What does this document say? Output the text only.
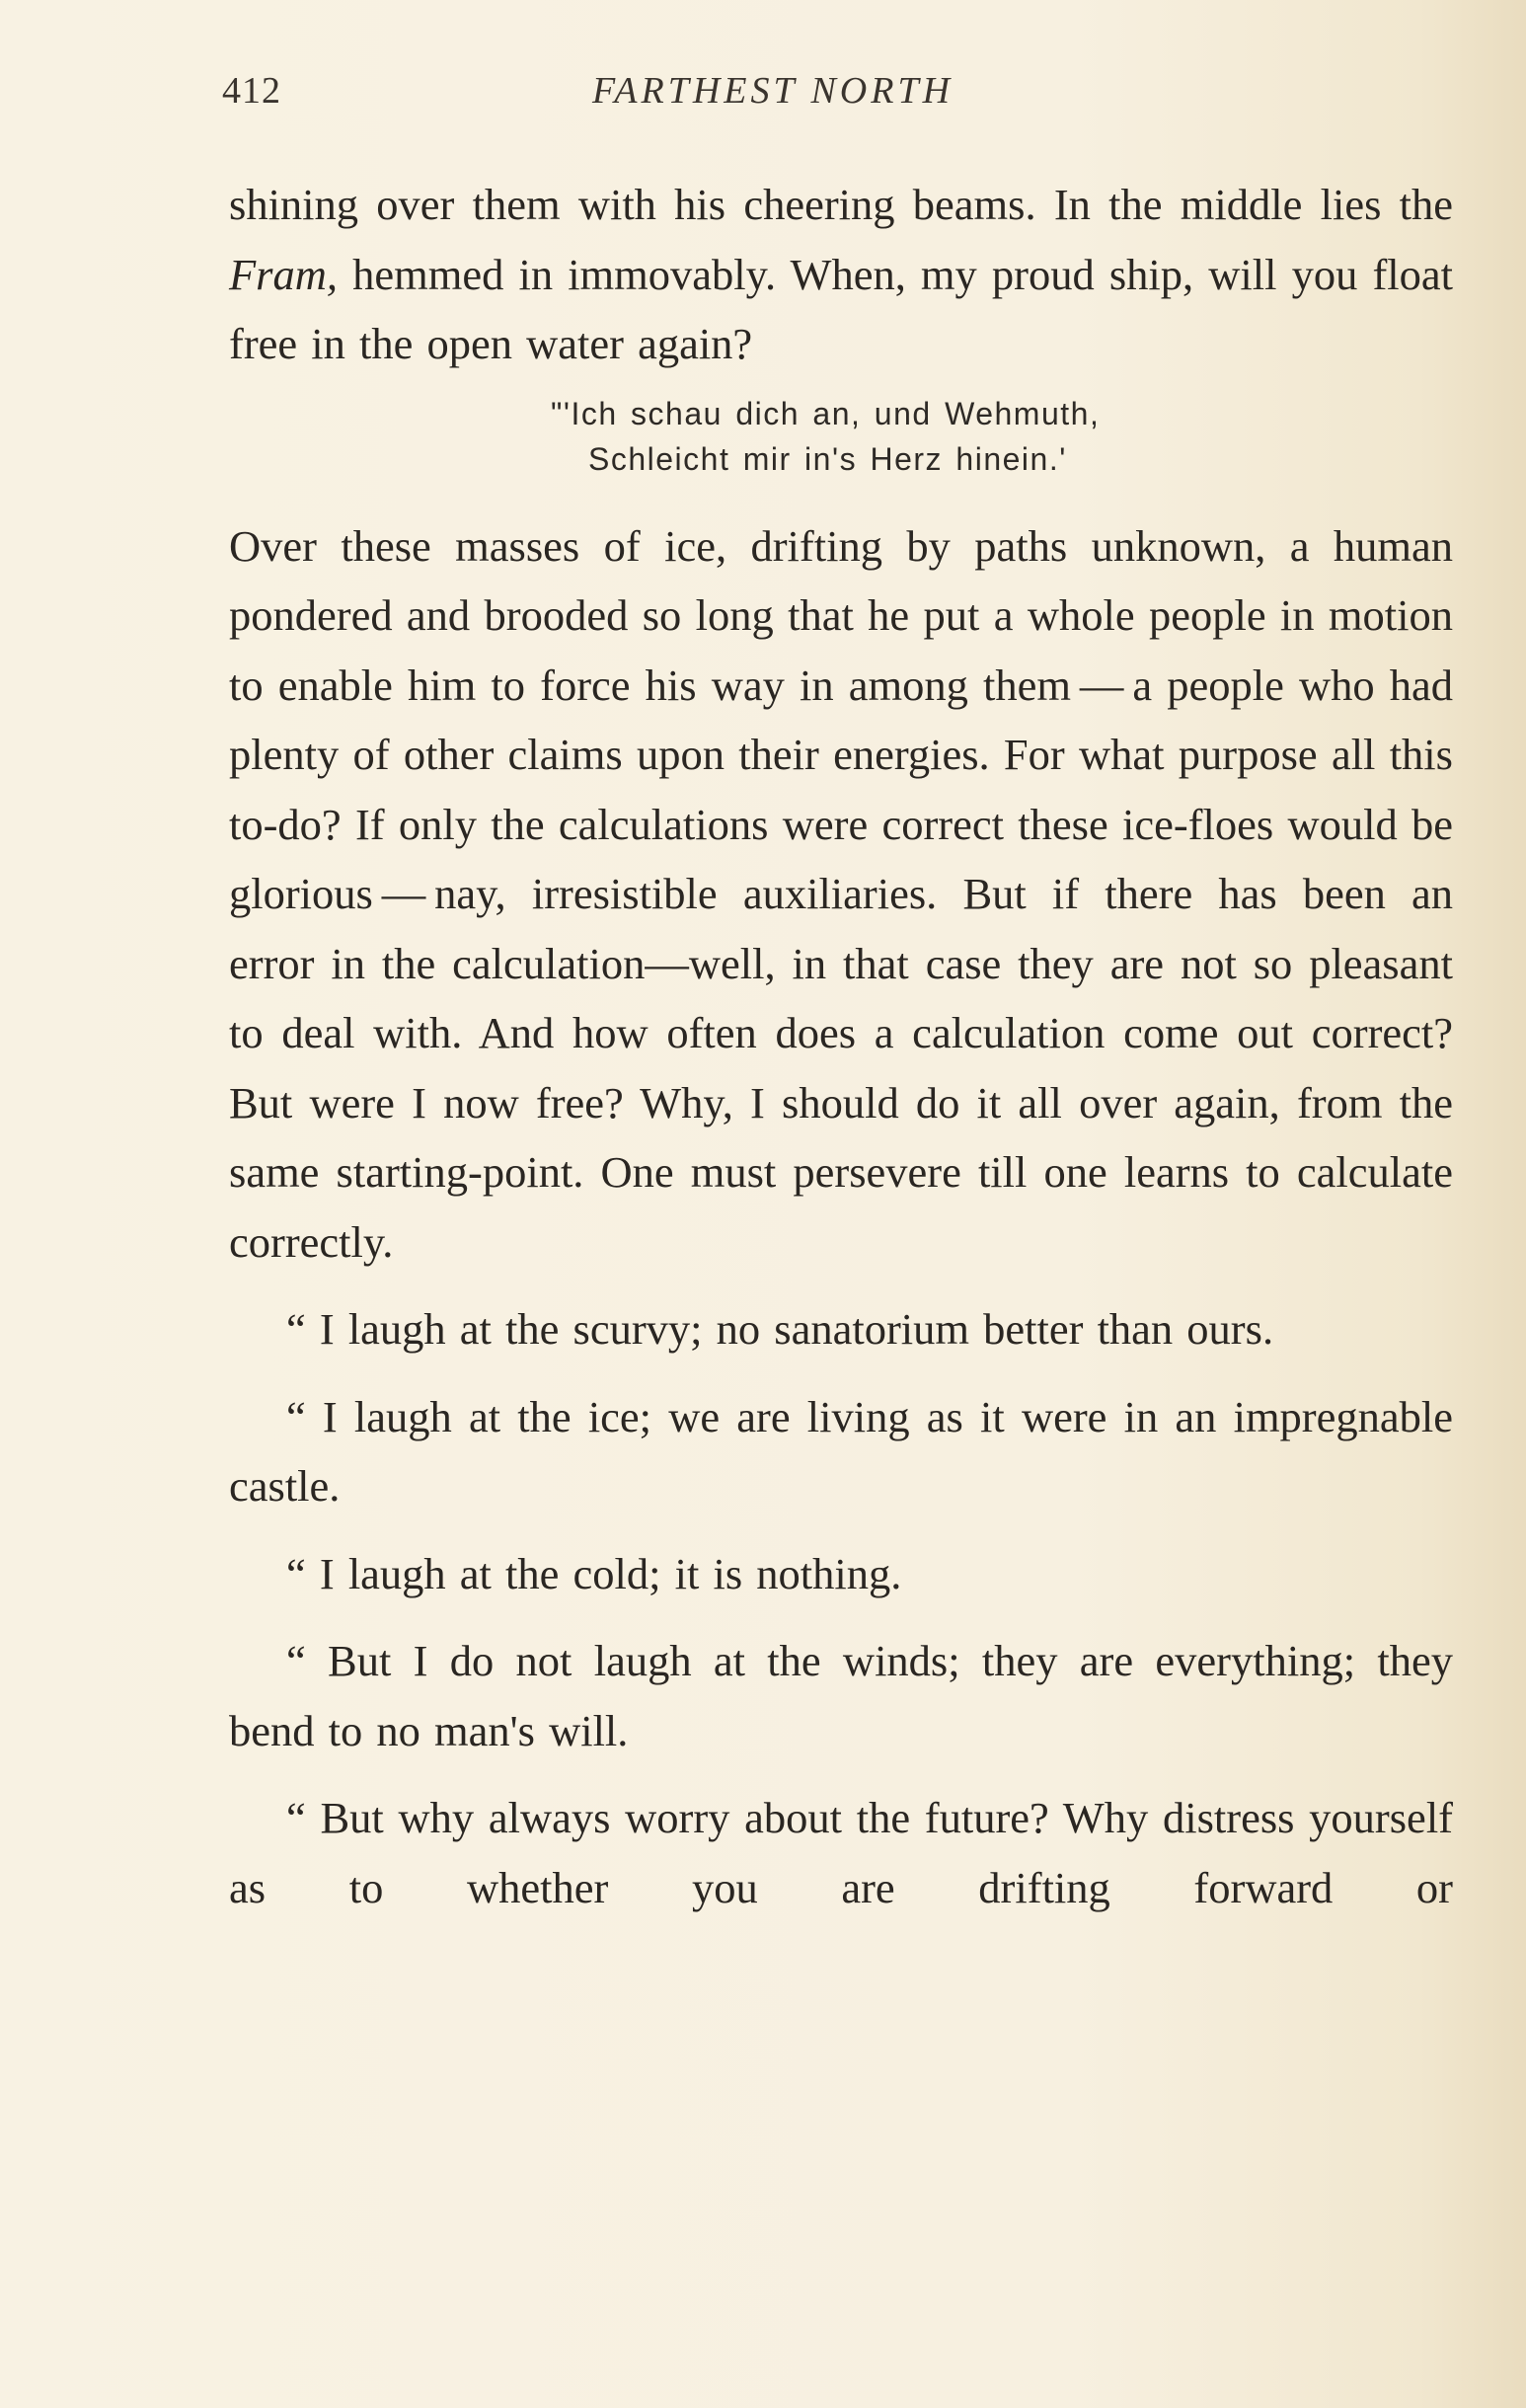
412	FARTHEST NORTH

shining over them with his cheering beams. In the middle lies the Fram, hemmed in immovably. When, my proud ship, will you float free in the open water again?

"'Ich schau dich an, und Wehmuth,
Schleicht mir in's Herz hinein.'

Over these masses of ice, drifting by paths unknown, a human pondered and brooded so long that he put a whole people in motion to enable him to force his way in among them — a people who had plenty of other claims upon their energies. For what purpose all this to-do? If only the calculations were correct these ice-floes would be glorious — nay, irresistible auxiliaries. But if there has been an error in the calculation—well, in that case they are not so pleasant to deal with. And how often does a calculation come out correct? But were I now free? Why, I should do it all over again, from the same starting-point. One must persevere till one learns to calculate correctly.

“ I laugh at the scurvy; no sanatorium better than ours.

“ I laugh at the ice; we are living as it were in an impregnable castle.

“ I laugh at the cold; it is nothing.

“ But I do not laugh at the winds; they are everything; they bend to no man's will.

“ But why always worry about the future? Why distress yourself as to whether you are drifting forward or
